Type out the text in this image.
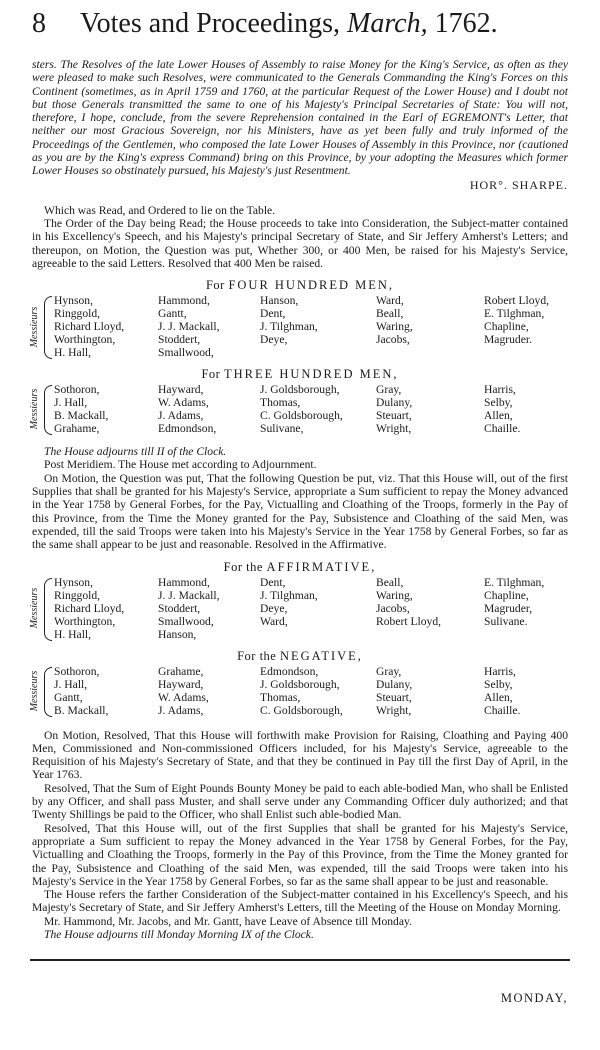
8 Votes and Proceedings, March, 1762.

sters. The Resolves of the late Lower Houses of Assembly to raise Money for the King's Service, as often as they were pleased to make such Resolves, were communicated to the Generals Commanding the King's Forces on this Continent (sometimes, as in April 1759 and 1760, at the particular Request of the Lower House) and I doubt not but those Generals transmitted the same to one of his Majesty's Principal Secretaries of State: You will not, therefore, I hope, conclude, from the severe Reprehension contained in the Earl of EGREMONT's Letter, that neither our most Gracious Sovereign, nor his Ministers, have as yet been fully and truly informed of the Proceedings of the Gentlemen, who composed the late Lower Houses of Assembly in this Province, nor (cautioned as you are by the King's express Command) bring on this Province, by your adopting the Measures which former Lower Houses so obstinately pursued, his Majesty's just Resentment.

HOR°. SHARPE.

Which was Read, and Ordered to lie on the Table.

The Order of the Day being Read; the House proceeds to take into Consideration, the Subject-matter contained in his Excellency's Speech, and his Majesty's principal Secretary of State, and Sir Jeffery Amherst's Letters; and thereupon, on Motion, the Question was put, Whether 300, or 400 Men, be raised for his Majesty's Service, agreeable to the said Letters. Resolved that 400 Men be raised.

For FOUR HUNDRED MEN,
Messieurs
Hynson,	Hammond,	Hanson,	Ward,	Robert Lloyd,
Ringgold,	Gantt,	Dent,	Beall,	E. Tilghman,
Richard Lloyd,	J. J. Mackall,	J. Tilghman,	Waring,	Chapline,
Worthington,	Stoddert,	Deye,	Jacobs,	Magruder.
H. Hall,	Smallwood,
For THREE HUNDRED MEN,
Messieurs Sothoron,	Hayward,	J. Goldsborough,	Gray,	Harris,
J. Hall,	W. Adams,	Thomas,	Dulany,	Selby,
B. Mackall,	J. Adams,	C. Goldsborough,	Steuart,	Allen,
Grahame,	Edmondson,	Sulivane,	Wright,	Chaille.

The House adjourns till II of the Clock.

Post Meridiem. The House met according to Adjournment.

On Motion, the Question was put, That the following Question be put, viz. That this House will, out of the first Supplies that shall be granted for his Majesty's Service, appropriate a Sum sufficient to repay the Money advanced in the Year 1758 by General Forbes, for the Pay, Victualling and Cloathing of the Troops, formerly in the Pay of this Province, from the Time the Money granted for the Pay, Subsistence and Cloathing of the said Men, was expended, till the said Troops were taken into his Majesty's Service in the Year 1758 by General Forbes, so far as the same shall appear to be just and reasonable. Resolved in the Affirmative.

For the AFFIRMATIVE,
Messieurs
Hynson,	Hammond,	Dent,	Beall,	E. Tilghman,
Ringgold,	J. J. Mackall,	J. Tilghman,	Waring,	Chapline,
Richard Lloyd,	Stoddert,	Deye,	Jacobs,	Magruder,
Worthington,	Smallwood,	Ward,	Robert Lloyd,	Sulivane.
H. Hall,	Hanson,
For the NEGATIVE,
Messieurs Sothoron,	Grahame,	Edmondson,	Gray,	Harris,
J. Hall,	Hayward,	J. Goldsborough,	Dulany,	Selby,
Gantt,	W. Adams,	Thomas,	Steuart,	Allen,
B. Mackall,	J. Adams,	C. Goldsborough,	Wright,	Chaille.

On Motion, Resolved, That this House will forthwith make Provision for Raising, Cloathing and Paying 400 Men, Commissioned and Non-commissioned Officers included, for his Majesty's Service, agreeable to the Requisition of his Majesty's Secretary of State, and that they be continued in Pay till the first Day of April, in the Year 1763.

Resolved, That the Sum of Eight Pounds Bounty Money be paid to each able-bodied Man, who shall be Enlisted by any Officer, and shall pass Muster, and shall serve under any Commanding Officer duly authorized; and that Twenty Shillings be paid to the Officer, who shall Enlist such able-bodied Man.

Resolved, That this House will, out of the first Supplies that shall be granted for his Majesty's Service, appropriate a Sum sufficient to repay the Money advanced in the Year 1758 by General Forbes, for the Pay, Victualling and Cloathing the Troops, formerly in the Pay of this Province, from the Time the Money granted for the Pay, Subsistence and Cloathing of the said Men, was expended, till the said Troops were taken into his Majesty's Service in the Year 1758 by General Forbes, so far as the same shall appear to be just and reasonable.

The House refers the farther Consideration of the Subject-matter contained in his Excellency's Speech, and his Majesty's Secretary of State, and Sir Jeffery Amherst's Letters, till the Meeting of the House on Monday Morning.

Mr. Hammond, Mr. Jacobs, and Mr. Gantt, have Leave of Absence till Monday.

The House adjourns till Monday Morning IX of the Clock.

MONDAY,
